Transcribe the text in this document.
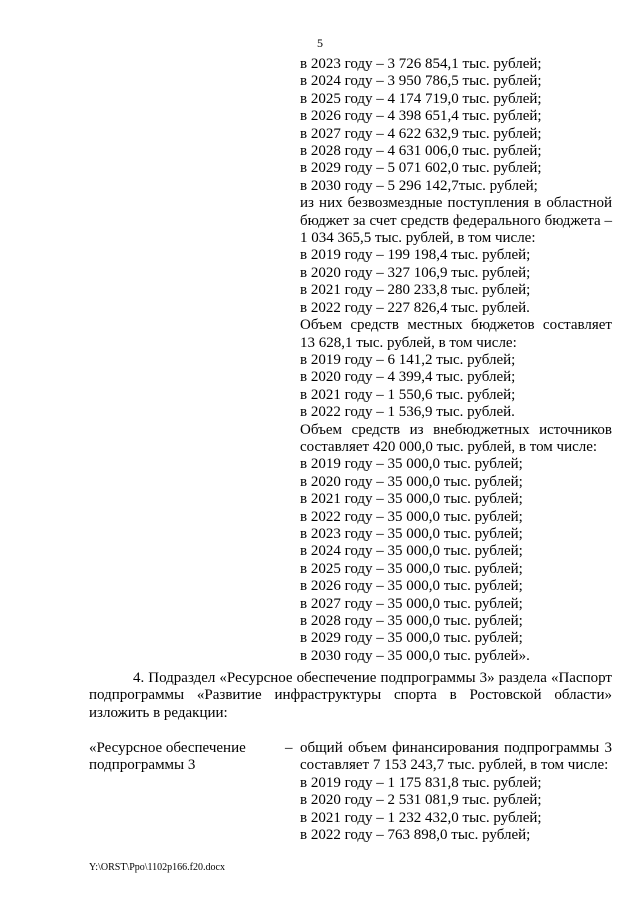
5
в 2023 году – 3 726 854,1 тыс. рублей;
в 2024 году – 3 950 786,5 тыс. рублей;
в 2025 году – 4 174 719,0 тыс. рублей;
в 2026 году – 4 398 651,4 тыс. рублей;
в 2027 году – 4 622 632,9 тыс. рублей;
в 2028 году – 4 631 006,0 тыс. рублей;
в 2029 году – 5 071 602,0 тыс. рублей;
в 2030 году – 5 296 142,7тыс. рублей;
из них безвозмездные поступления в областной
бюджет за счет средств федерального бюджета –
1 034 365,5 тыс. рублей, в том числе:
в 2019 году – 199 198,4 тыс. рублей;
в 2020 году – 327 106,9 тыс. рублей;
в 2021 году – 280 233,8 тыс. рублей;
в 2022 году – 227 826,4 тыс. рублей.
Объем средств местных бюджетов составляет
13 628,1 тыс. рублей, в том числе:
в 2019 году – 6 141,2 тыс. рублей;
в 2020 году – 4 399,4 тыс. рублей;
в 2021 году – 1 550,6 тыс. рублей;
в 2022 году – 1 536,9 тыс. рублей.
Объем средств из внебюджетных источников
составляет 420 000,0 тыс. рублей, в том числе:
в 2019 году – 35 000,0 тыс. рублей;
в 2020 году – 35 000,0 тыс. рублей;
в 2021 году – 35 000,0 тыс. рублей;
в 2022 году – 35 000,0 тыс. рублей;
в 2023 году – 35 000,0 тыс. рублей;
в 2024 году – 35 000,0 тыс. рублей;
в 2025 году – 35 000,0 тыс. рублей;
в 2026 году – 35 000,0 тыс. рублей;
в 2027 году – 35 000,0 тыс. рублей;
в 2028 году – 35 000,0 тыс. рублей;
в 2029 году – 35 000,0 тыс. рублей;
в 2030 году – 35 000,0 тыс. рублей».
4. Подраздел «Ресурсное обеспечение подпрограммы 3» раздела «Паспорт
подпрограммы «Развитие инфраструктуры спорта в Ростовской области»
изложить в редакции:
«Ресурсное обеспечение
подпрограммы 3
– общий объем финансирования подпрограммы 3
составляет 7 153 243,7 тыс. рублей, в том числе:
в 2019 году – 1 175 831,8 тыс. рублей;
в 2020 году – 2 531 081,9 тыс. рублей;
в 2021 году – 1 232 432,0 тыс. рублей;
в 2022 году – 763 898,0 тыс. рублей;
Y:\ORST\Ppo\1102p166.f20.docx
